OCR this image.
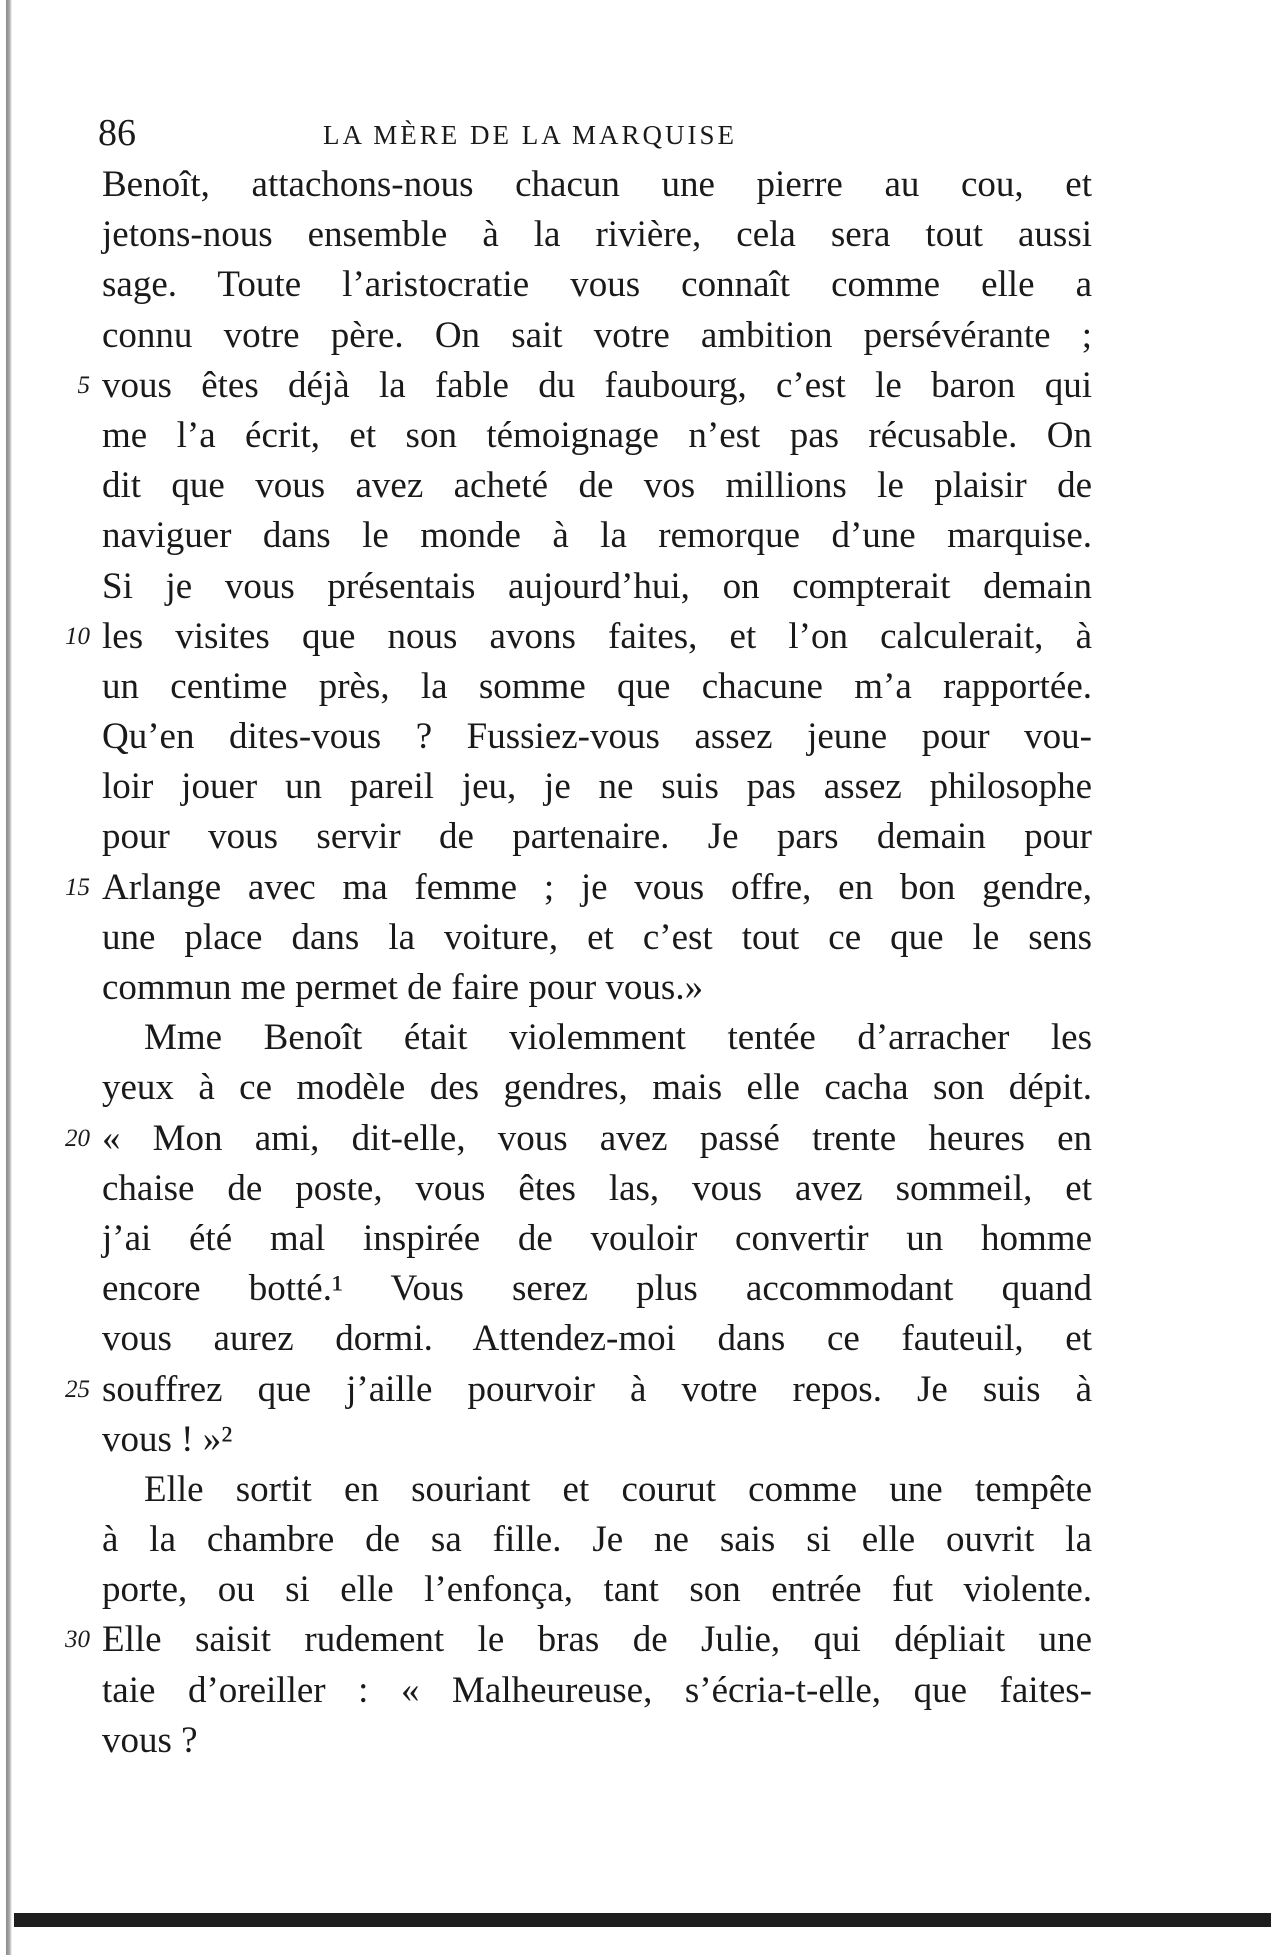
86	LA MÈRE DE LA MARQUISE
Benoît, attachons-nous chacun une pierre au cou, et
jetons-nous ensemble à la rivière, cela sera tout aussi
sage. Toute l’aristocratie vous connaît comme elle a
connu votre père. On sait votre ambition persévérante ;
5 vous êtes déjà la fable du faubourg, c’est le baron qui
me l’a écrit, et son témoignage n’est pas récusable. On
dit que vous avez acheté de vos millions le plaisir de
naviguer dans le monde à la remorque d’une marquise.
Si je vous présentais aujourd’hui, on compterait demain
10 les visites que nous avons faites, et l’on calculerait, à
un centime près, la somme que chacune m’a rapportée.
Qu’en dites-vous ? Fussiez-vous assez jeune pour vou-
loir jouer un pareil jeu, je ne suis pas assez philosophe
pour vous servir de partenaire. Je pars demain pour
15 Arlange avec ma femme ; je vous offre, en bon gendre,
une place dans la voiture, et c’est tout ce que le sens
commun me permet de faire pour vous.»
Mme Benoît était violemment tentée d’arracher les
yeux à ce modèle des gendres, mais elle cacha son dépit.
20 « Mon ami, dit-elle, vous avez passé trente heures en
chaise de poste, vous êtes las, vous avez sommeil, et
j’ai été mal inspirée de vouloir convertir un homme
encore botté.¹ Vous serez plus accommodant quand
vous aurez dormi. Attendez-moi dans ce fauteuil, et
25 souffrez que j’aille pourvoir à votre repos. Je suis à
vous ! »²
Elle sortit en souriant et courut comme une tempête
à la chambre de sa fille. Je ne sais si elle ouvrit la
porte, ou si elle l’enfonça, tant son entrée fut violente.
30 Elle saisit rudement le bras de Julie, qui dépliait une
taie d’oreiller : « Malheureuse, s’écria-t-elle, que faites-
vous ?
